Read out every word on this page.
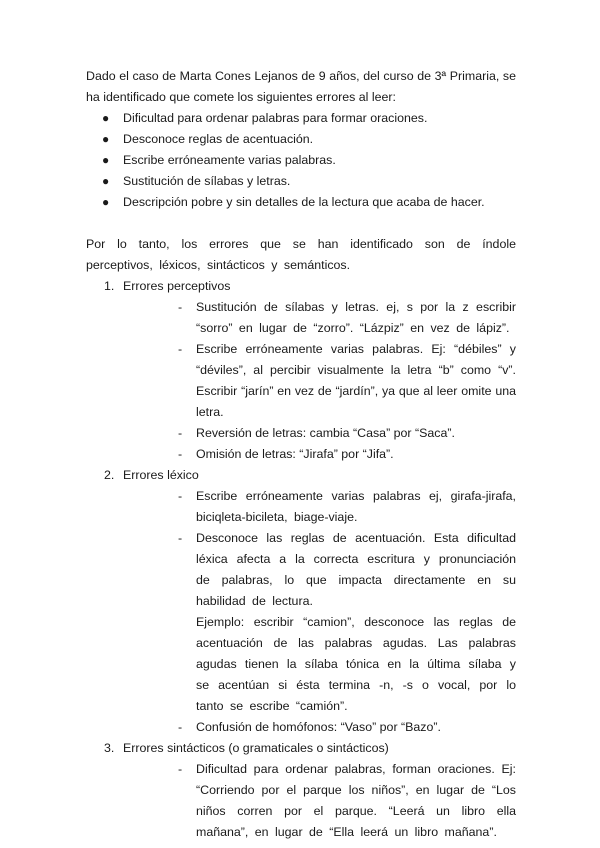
Dado el caso de Marta Cones Lejanos de 9 años, del curso de 3ª Primaria, se ha identificado que comete los siguientes errores al leer:

● Dificultad para ordenar palabras para formar oraciones.
● Desconoce reglas de acentuación.
● Escribe erróneamente varias palabras.
● Sustitución de sílabas y letras.
● Descripción pobre y sin detalles de la lectura que acaba de hacer.

Por lo tanto, los errores que se han identificado son de índole perceptivos, léxicos, sintácticos y semánticos.

1. Errores perceptivos
- Sustitución de sílabas y letras. ej, s por la z escribir “sorro” en lugar de “zorro”. “Lázpiz” en vez de lápiz”.
- Escribe erróneamente varias palabras. Ej: “débiles” y “déviles”, al percibir visualmente la letra “b” como “v”. Escribir “jarín” en vez de “jardín”, ya que al leer omite una letra.
- Reversión de letras: cambia “Casa” por “Saca”.
- Omisión de letras: “Jirafa” por “Jifa”.
2. Errores léxico
- Escribe erróneamente varias palabras ej, girafa-jirafa, biciqleta-bicileta, biage-viaje.
- Desconoce las reglas de acentuación. Esta dificultad léxica afecta a la correcta escritura y pronunciación de palabras, lo que impacta directamente en su habilidad de lectura.
Ejemplo: escribir “camion”, desconoce las reglas de acentuación de las palabras agudas. Las palabras agudas tienen la sílaba tónica en la última sílaba y se acentúan si ésta termina -n, -s o vocal, por lo tanto se escribe “camión”.
- Confusión de homófonos: “Vaso” por “Bazo”.
3. Errores sintácticos (o gramaticales o sintácticos)
- Dificultad para ordenar palabras, forman oraciones. Ej: “Corriendo por el parque los niños”, en lugar de “Los niños corren por el parque. “Leerá un libro ella mañana”, en lugar de “Ella leerá un libro mañana”.
